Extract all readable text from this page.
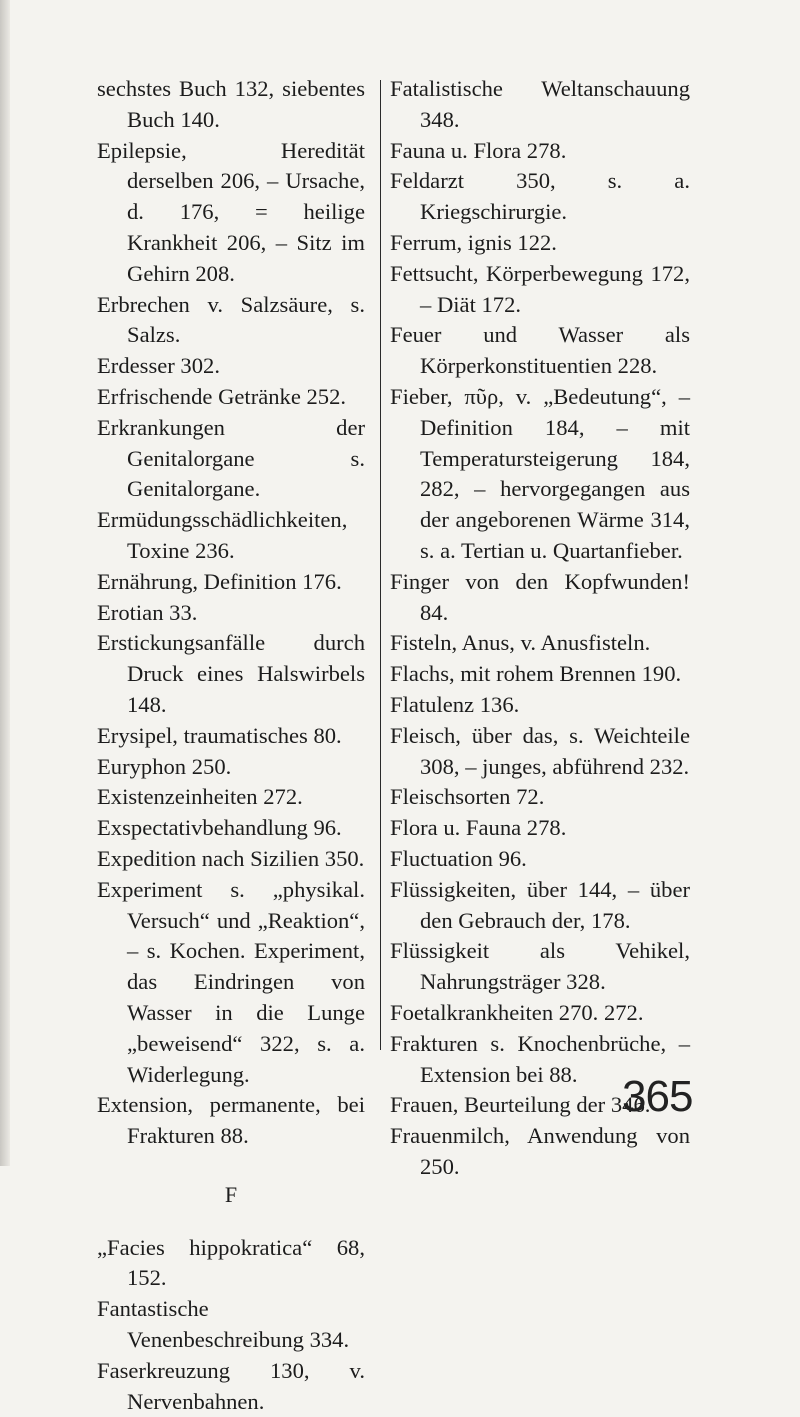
sechstes Buch 132, siebentes Buch 140.

Epilepsie, Heredität derselben 206, – Ursache, d. 176, = heilige Krankheit 206, – Sitz im Gehirn 208.

Erbrechen v. Salzsäure, s. Salzs.

Erdesser 302.

Erfrischende Getränke 252.

Erkrankungen der Genitalorgane s. Genitalorgane.

Ermüdungsschädlichkeiten, Toxine 236.

Ernährung, Definition 176.

Erotian 33.

Erstickungsanfälle durch Druck eines Halswirbels 148.

Erysipel, traumatisches 80.

Euryphon 250.

Existenzeinheiten 272.

Exspectativbehandlung 96.

Expedition nach Sizilien 350.

Experiment s. „physikal. Versuch“ und „Reaktion“, – s. Kochen. Experiment, das Eindringen von Wasser in die Lunge „beweisend“ 322, s. a. Widerlegung.

Extension, permanente, bei Frakturen 88.

F

„Facies hippokratica“ 68, 152.

Fantastische Venenbeschreibung 334.

Faserkreuzung 130, v. Nervenbahnen.

Fatalistische Weltanschauung 348.

Fauna u. Flora 278.

Feldarzt 350, s. a. Kriegschirurgie.

Ferrum, ignis 122.

Fettsucht, Körperbewegung 172, – Diät 172.

Feuer und Wasser als Körperkonstituentien 228.

Fieber, πῦρ, v. „Bedeutung“, – Definition 184, – mit Temperatursteigerung 184, 282, – hervorgegangen aus der angeborenen Wärme 314, s. a. Tertian u. Quartanfieber.

Finger von den Kopfwunden! 84.

Fisteln, Anus, v. Anusfisteln.

Flachs, mit rohem Brennen 190.

Flatulenz 136.

Fleisch, über das, s. Weichteile 308, – junges, abführend 232.

Fleischsorten 72.

Flora u. Fauna 278.

Fluctuation 96.

Flüssigkeiten, über 144, – über den Gebrauch der, 178.

Flüssigkeit als Vehikel, Nahrungsträger 328.

Foetalkrankheiten 270. 272.

Frakturen s. Knochenbrüche, – Extension bei 88.

Frauen, Beurteilung der 346.

Frauenmilch, Anwendung von 250.

365
